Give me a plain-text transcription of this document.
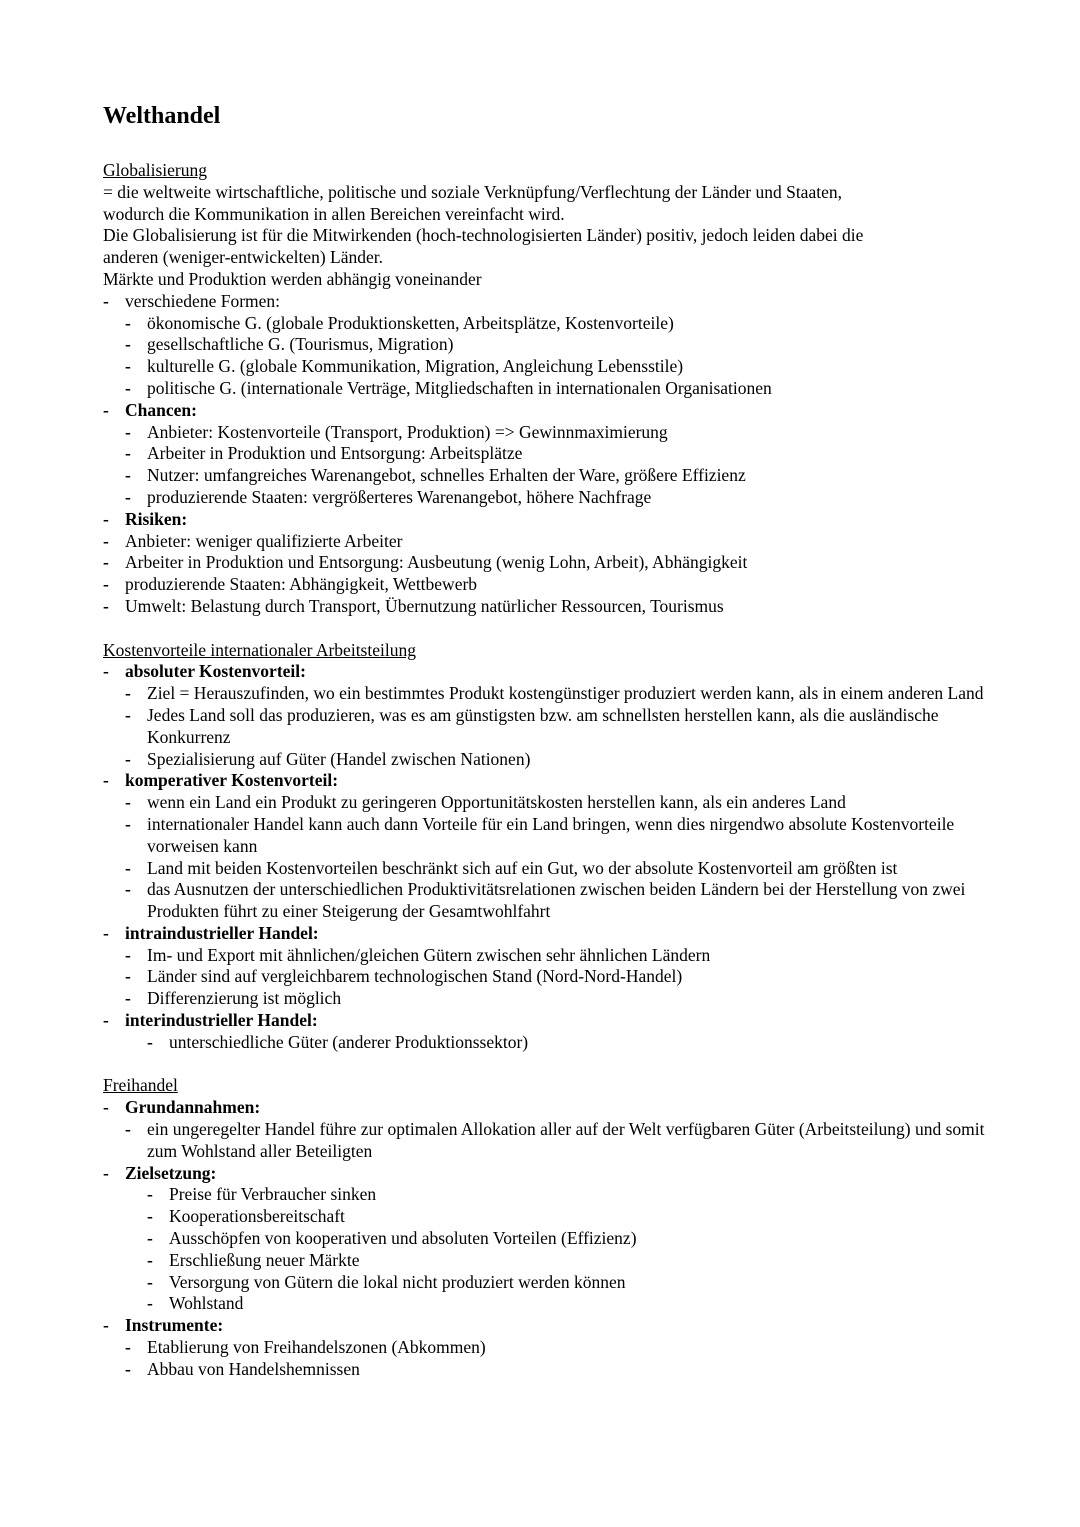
Welthandel

Globalisierung

= die weltweite wirtschaftliche, politische und soziale Verknüpfung/Verflechtung der Länder und Staaten,

wodurch die Kommunikation in allen Bereichen vereinfacht wird.

Die Globalisierung ist für die Mitwirkenden (hoch-technologisierten Länder) positiv, jedoch leiden dabei die

anderen (weniger-entwickelten) Länder.

Märkte und Produktion werden abhängig voneinander

- verschiedene Formen:
- ökonomische G. (globale Produktionsketten, Arbeitsplätze, Kostenvorteile)
- gesellschaftliche G. (Tourismus, Migration)
- kulturelle G. (globale Kommunikation, Migration, Angleichung Lebensstile)
- politische G. (internationale Verträge, Mitgliedschaften in internationalen Organisationen
- Chancen:
- Anbieter: Kostenvorteile (Transport, Produktion) => Gewinnmaximierung
- Arbeiter in Produktion und Entsorgung: Arbeitsplätze
- Nutzer: umfangreiches Warenangebot, schnelles Erhalten der Ware, größere Effizienz
- produzierende Staaten: vergrößerteres Warenangebot, höhere Nachfrage
- Risiken:
- Anbieter: weniger qualifizierte Arbeiter
- Arbeiter in Produktion und Entsorgung: Ausbeutung (wenig Lohn, Arbeit), Abhängigkeit
- produzierende Staaten: Abhängigkeit, Wettbewerb
- Umwelt: Belastung durch Transport, Übernutzung natürlicher Ressourcen, Tourismus

Kostenvorteile internationaler Arbeitsteilung

- absoluter Kostenvorteil:
- Ziel = Herauszufinden, wo ein bestimmtes Produkt kostengünstiger produziert werden kann, als in einem anderen Land
- Jedes Land soll das produzieren, was es am günstigsten bzw. am schnellsten herstellen kann, als die ausländische Konkurrenz
- Spezialisierung auf Güter (Handel zwischen Nationen)
- komperativer Kostenvorteil:
- wenn ein Land ein Produkt zu geringeren Opportunitätskosten herstellen kann, als ein anderes Land
- internationaler Handel kann auch dann Vorteile für ein Land bringen, wenn dies nirgendwo absolute Kostenvorteile vorweisen kann
- Land mit beiden Kostenvorteilen beschränkt sich auf ein Gut, wo der absolute Kostenvorteil am größten ist
- das Ausnutzen der unterschiedlichen Produktivitätsrelationen zwischen beiden Ländern bei der Herstellung von zwei Produkten führt zu einer Steigerung der Gesamtwohlfahrt
- intraindustrieller Handel:
- Im- und Export mit ähnlichen/gleichen Gütern zwischen sehr ähnlichen Ländern
- Länder sind auf vergleichbarem technologischen Stand (Nord-Nord-Handel)
- Differenzierung ist möglich
- interindustrieller Handel:
- unterschiedliche Güter (anderer Produktionssektor)

Freihandel

- Grundannahmen:
- ein ungeregelter Handel führe zur optimalen Allokation aller auf der Welt verfügbaren Güter (Arbeitsteilung) und somit zum Wohlstand aller Beteiligten
- Zielsetzung:
- Preise für Verbraucher sinken
- Kooperationsbereitschaft
- Ausschöpfen von kooperativen und absoluten Vorteilen (Effizienz)
- Erschließung neuer Märkte
- Versorgung von Gütern die lokal nicht produziert werden können
- Wohlstand
- Instrumente:
- Etablierung von Freihandelszonen (Abkommen)
- Abbau von Handelshemnissen
